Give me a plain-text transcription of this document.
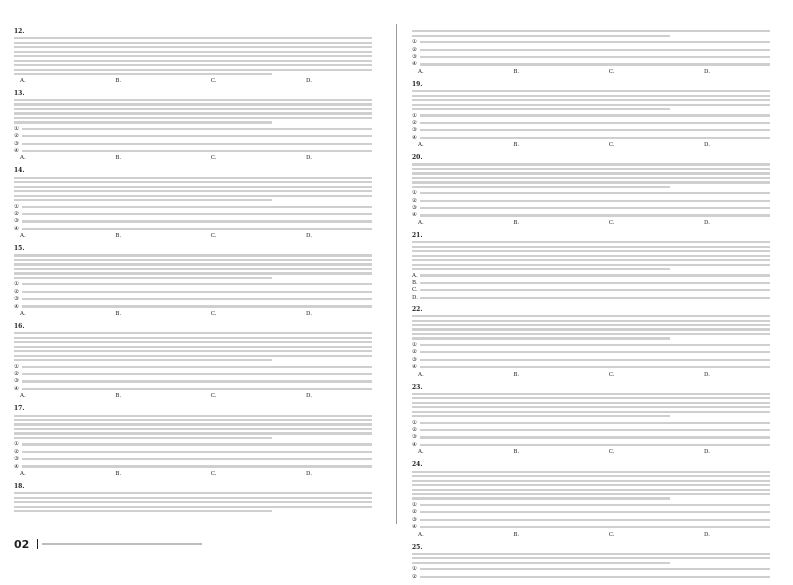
12.
A.	B.	C.	D.
13.
①
②
③
④
A.	B.	C.	D.
14.
①
②
③
④
A.	B.	C.	D.
15.
①
②
③
④
A.	B.	C.	D.
16.
①
②
③
④
A.	B.	C.	D.
17.
①
②
③
④
A.	B.	C.	D.
18.
①
②
③
④
A.	B.	C.	D.
19.
①
②
③
④
A.	B.	C.	D.
20.
①
②
③
④
A.	B.	C.	D.
21.
A.
B.
C.
D.
22.
①
②
③
④
A.	B.	C.	D.
23.
①
②
③
④
A.	B.	C.	D.
24.
①
②
③
④
A.	B.	C.	D.
25.
①
②
02
